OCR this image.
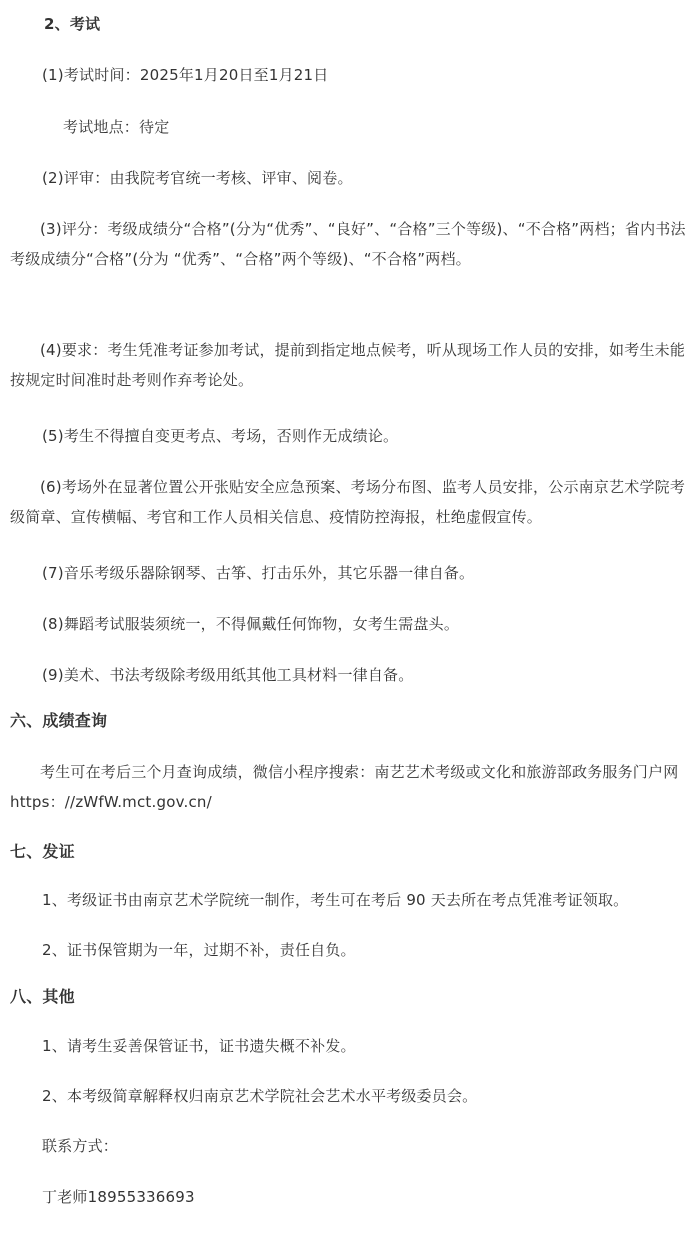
2、考试
(1)考试时间：2025年1月20日至1月21日
考试地点：待定
(2)评审：由我院考官统一考核、评审、阅卷。
(3)评分：考级成绩分“合格”(分为“优秀”、“良好”、“合格”三个等级)、“不合格”两档；省内书法考级成绩分“合格”(分为 “优秀”、“合格”两个等级)、“不合格”两档。
(4)要求：考生凭准考证参加考试，提前到指定地点候考，听从现场工作人员的安排，如考生未能按规定时间准时赴考则作弃考论处。
(5)考生不得擅自变更考点、考场，否则作无成绩论。
(6)考场外在显著位置公开张贴安全应急预案、考场分布图、监考人员安排，公示南京艺术学院考级简章、宣传横幅、考官和工作人员相关信息、疫情防控海报，杜绝虚假宣传。
(7)音乐考级乐器除钢琴、古筝、打击乐外，其它乐器一律自备。
(8)舞蹈考试服装须统一，不得佩戴任何饰物，女考生需盘头。
(9)美术、书法考级除考级用纸其他工具材料一律自备。
六、成绩查询
考生可在考后三个月查询成绩，微信小程序搜索：南艺艺术考级或文化和旅游部政务服务门户网https：//zWfW.mct.gov.cn/
七、发证
1、考级证书由南京艺术学院统一制作，考生可在考后 90 天去所在考点凭准考证领取。
2、证书保管期为一年，过期不补，责任自负。
八、其他
1、请考生妥善保管证书，证书遗失概不补发。
2、本考级简章解释权归南京艺术学院社会艺术水平考级委员会。
联系方式：
丁老师18955336693
